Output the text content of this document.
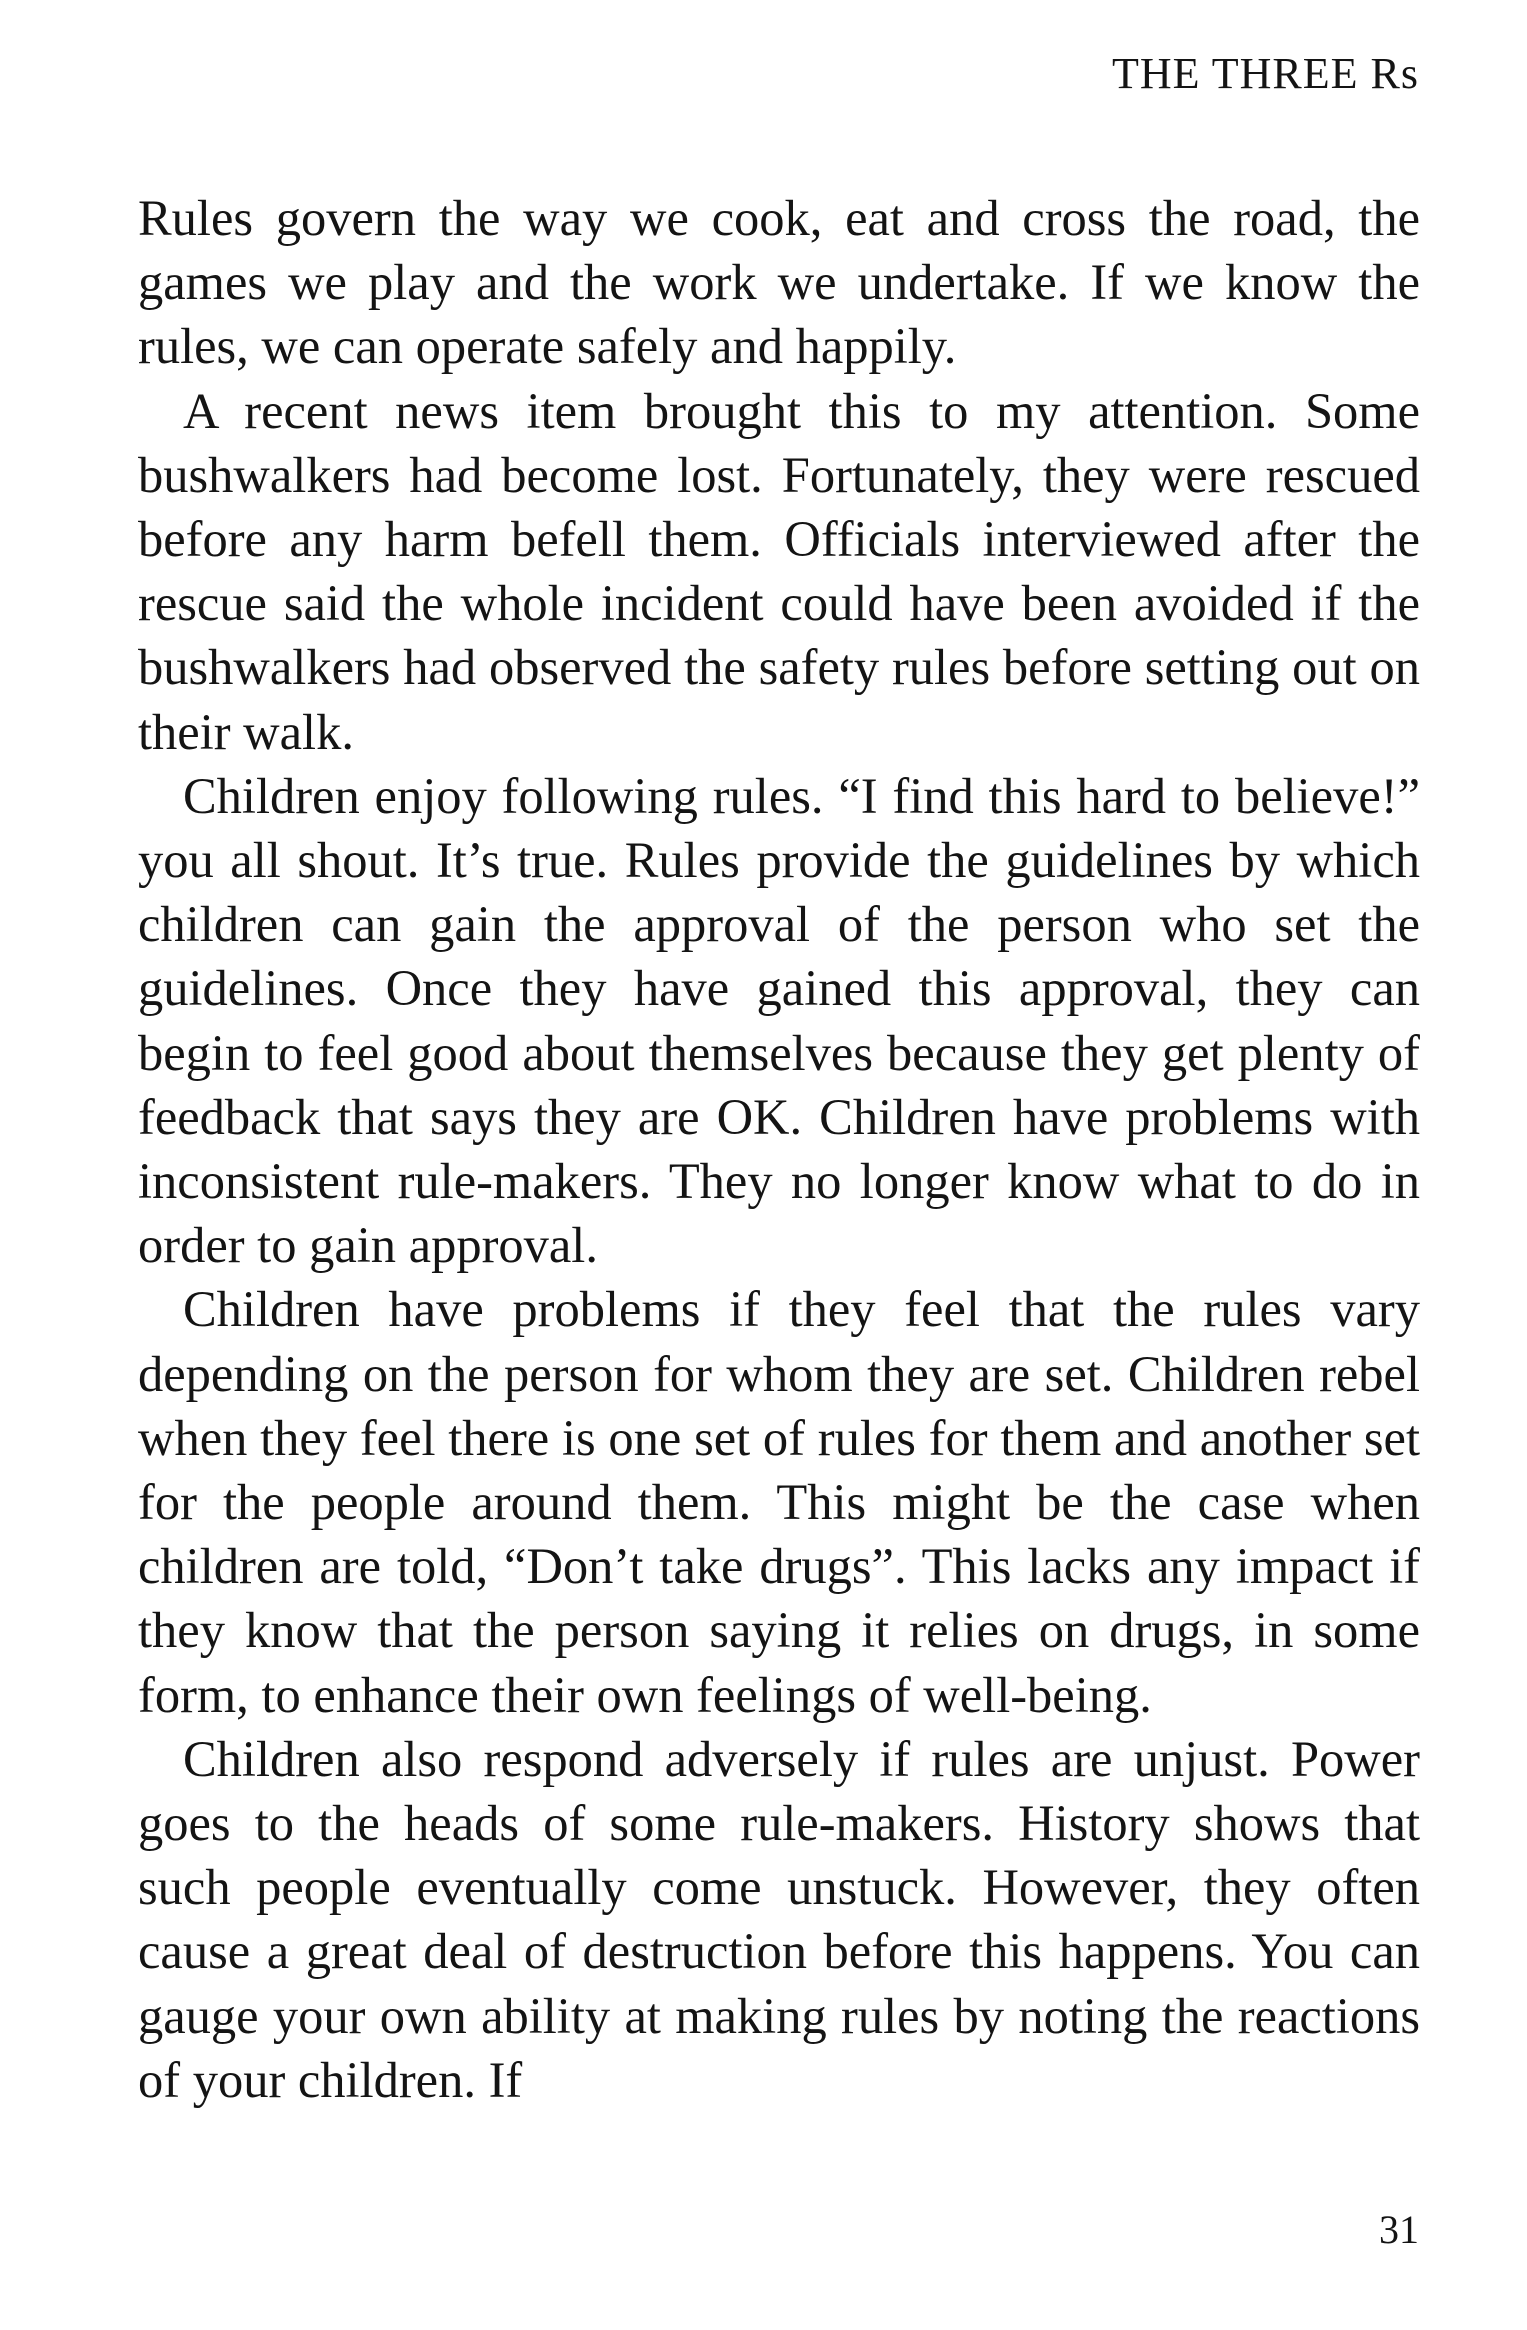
THE THREE Rs

Rules govern the way we cook, eat and cross the road, the games we play and the work we undertake. If we know the rules, we can operate safely and happily.

A recent news item brought this to my attention. Some bushwalkers had become lost. Fortunately, they were rescued before any harm befell them. Officials interviewed after the rescue said the whole incident could have been avoided if the bushwalkers had observed the safety rules before setting out on their walk.

Children enjoy following rules. “I find this hard to believe!” you all shout. It’s true. Rules provide the guidelines by which children can gain the approval of the person who set the guidelines. Once they have gained this approval, they can begin to feel good about themselves because they get plenty of feedback that says they are OK. Children have problems with inconsistent rule-makers. They no longer know what to do in order to gain approval.

Children have problems if they feel that the rules vary depending on the person for whom they are set. Children rebel when they feel there is one set of rules for them and another set for the people around them. This might be the case when children are told, “Don’t take drugs”. This lacks any impact if they know that the person saying it relies on drugs, in some form, to enhance their own feelings of well-being.

Children also respond adversely if rules are unjust. Power goes to the heads of some rule-makers. History shows that such people eventually come unstuck. However, they often cause a great deal of destruction before this happens. You can gauge your own ability at making rules by noting the reactions of your children. If

31
